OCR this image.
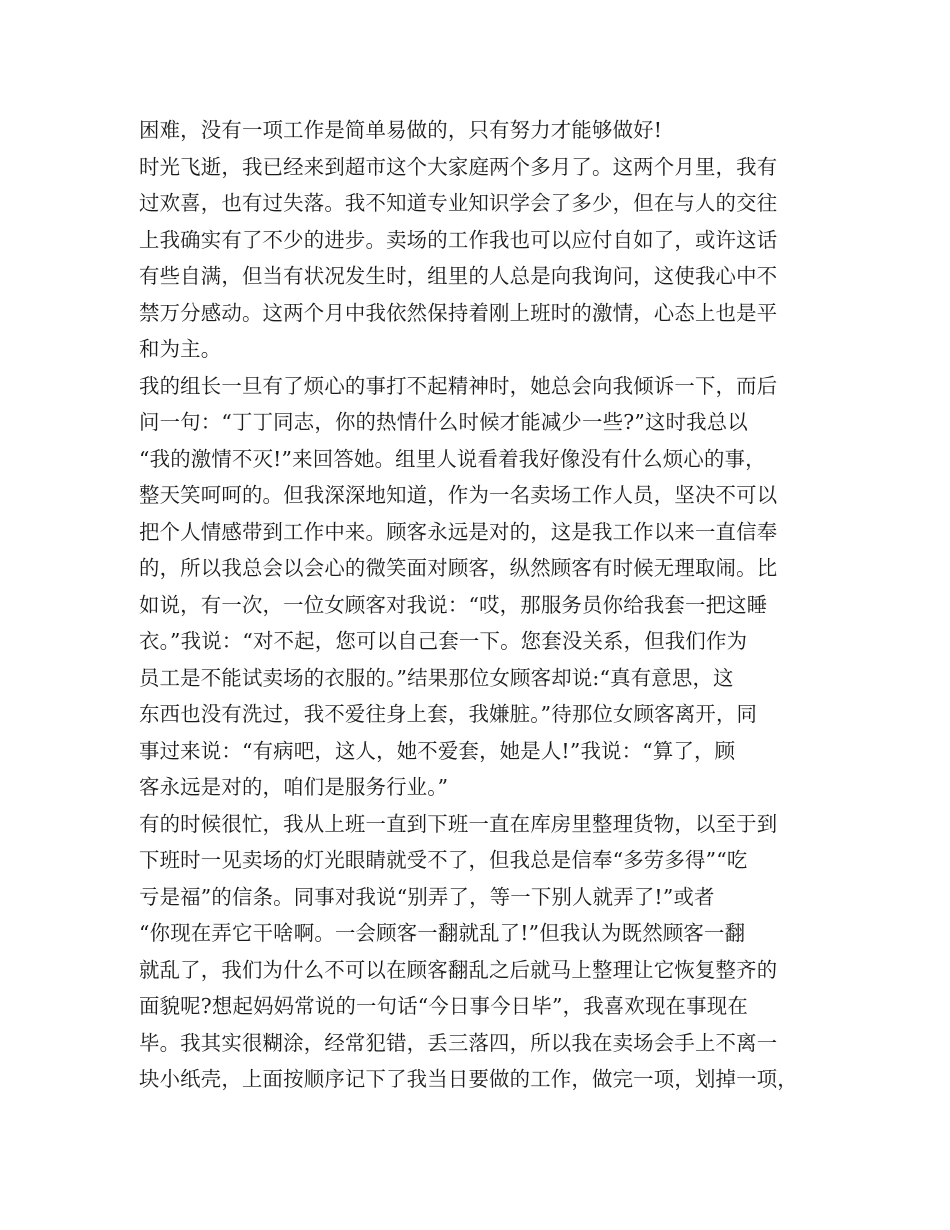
困难，没有一项工作是简单易做的，只有努力才能够做好!
时光飞逝，我已经来到超市这个大家庭两个多月了。这两个月里，我有
过欢喜，也有过失落。我不知道专业知识学会了多少，但在与人的交往
上我确实有了不少的进步。卖场的工作我也可以应付自如了，或许这话
有些自满，但当有状况发生时，组里的人总是向我询问，这使我心中不
禁万分感动。这两个月中我依然保持着刚上班时的激情，心态上也是平
和为主。
我的组长一旦有了烦心的事打不起精神时，她总会向我倾诉一下，而后
问一句：“丁丁同志，你的热情什么时候才能减少一些?”这时我总以
“我的激情不灭!”来回答她。组里人说看着我好像没有什么烦心的事，
整天笑呵呵的。但我深深地知道，作为一名卖场工作人员，坚决不可以
把个人情感带到工作中来。顾客永远是对的，这是我工作以来一直信奉
的，所以我总会以会心的微笑面对顾客，纵然顾客有时候无理取闹。比
如说，有一次，一位女顾客对我说：“哎，那服务员你给我套一把这睡
衣。”我说：“对不起，您可以自己套一下。您套没关系，但我们作为
员工是不能试卖场的衣服的。”结果那位女顾客却说:“真有意思，这
东西也没有洗过，我不爱往身上套，我嫌脏。”待那位女顾客离开，同
事过来说：“有病吧，这人，她不爱套，她是人!”我说：“算了，顾
客永远是对的，咱们是服务行业。”
有的时候很忙，我从上班一直到下班一直在库房里整理货物，以至于到
下班时一见卖场的灯光眼睛就受不了，但我总是信奉“多劳多得”“吃
亏是福”的信条。同事对我说“别弄了，等一下别人就弄了!”或者
“你现在弄它干啥啊。一会顾客一翻就乱了!”但我认为既然顾客一翻
就乱了，我们为什么不可以在顾客翻乱之后就马上整理让它恢复整齐的
面貌呢?想起妈妈常说的一句话“今日事今日毕”，我喜欢现在事现在
毕。我其实很糊涂，经常犯错，丢三落四，所以我在卖场会手上不离一
块小纸壳，上面按顺序记下了我当日要做的工作，做完一项，划掉一项，
